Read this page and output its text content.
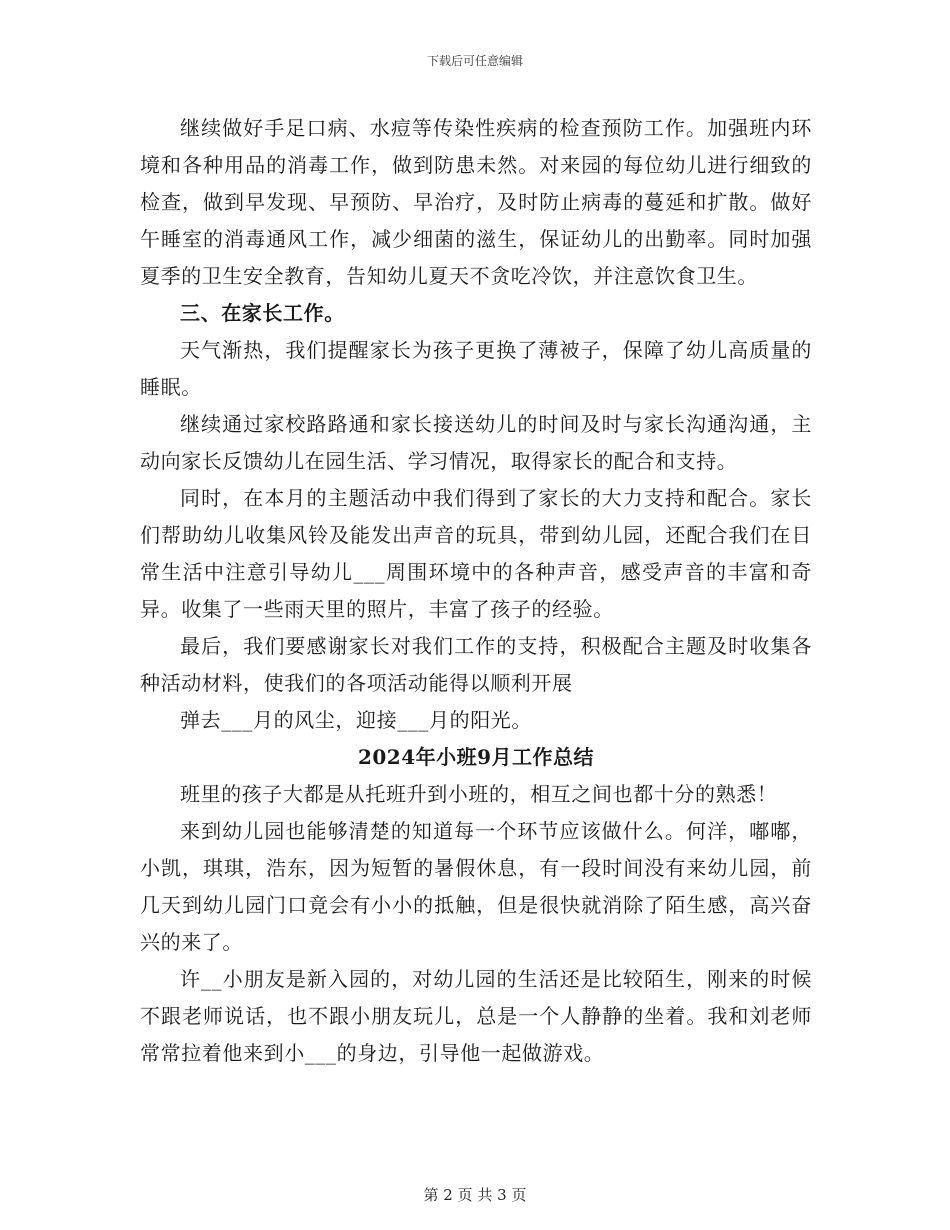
下载后可任意编辑

继续做好手足口病、水痘等传染性疾病的检查预防工作。加强班内环境和各种用品的消毒工作，做到防患未然。对来园的每位幼儿进行细致的检查，做到早发现、早预防、早治疗，及时防止病毒的蔓延和扩散。做好午睡室的消毒通风工作，减少细菌的滋生，保证幼儿的出勤率。同时加强夏季的卫生安全教育，告知幼儿夏天不贪吃冷饮，并注意饮食卫生。

三、在家长工作。

天气渐热，我们提醒家长为孩子更换了薄被子，保障了幼儿高质量的睡眠。

继续通过家校路路通和家长接送幼儿的时间及时与家长沟通沟通，主动向家长反馈幼儿在园生活、学习情况，取得家长的配合和支持。

同时，在本月的主题活动中我们得到了家长的大力支持和配合。家长们帮助幼儿收集风铃及能发出声音的玩具，带到幼儿园，还配合我们在日常生活中注意引导幼儿___周围环境中的各种声音，感受声音的丰富和奇异。收集了一些雨天里的照片，丰富了孩子的经验。

最后，我们要感谢家长对我们工作的支持，积极配合主题及时收集各种活动材料，使我们的各项活动能得以顺利开展

弹去___月的风尘，迎接___月的阳光。

2024年小班9月工作总结

班里的孩子大都是从托班升到小班的，相互之间也都十分的熟悉！

来到幼儿园也能够清楚的知道每一个环节应该做什么。何洋，嘟嘟，小凯，琪琪，浩东，因为短暂的暑假休息，有一段时间没有来幼儿园，前几天到幼儿园门口竟会有小小的抵触，但是很快就消除了陌生感，高兴奋兴的来了。

许__小朋友是新入园的，对幼儿园的生活还是比较陌生，刚来的时候不跟老师说话，也不跟小朋友玩儿，总是一个人静静的坐着。我和刘老师常常拉着他来到小___的身边，引导他一起做游戏。

第 2 页 共 3 页
